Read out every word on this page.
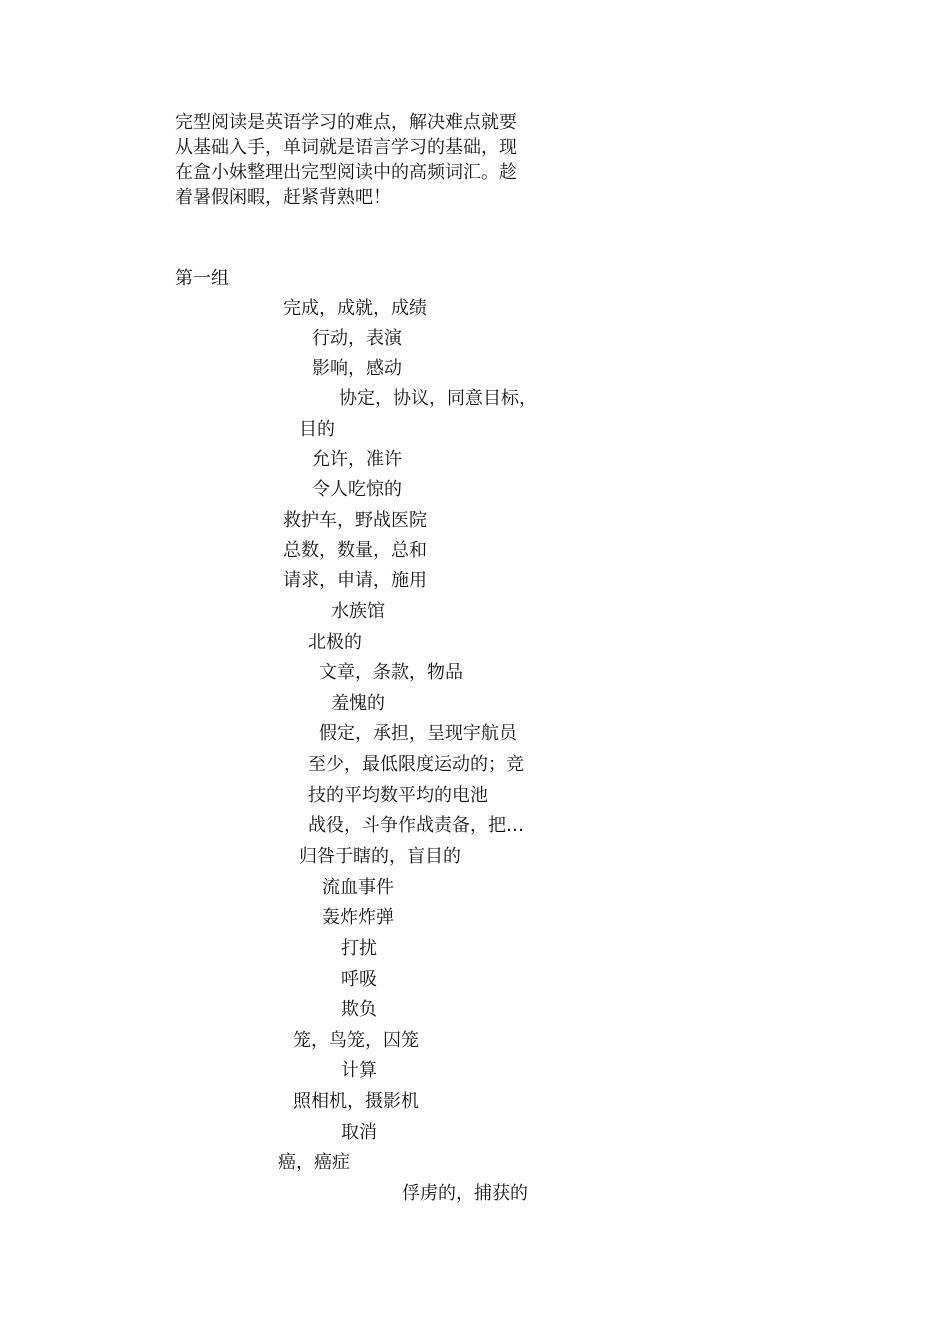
完型阅读是英语学习的难点，解决难点就要
从基础入手，单词就是语言学习的基础，现
在盒小妹整理出完型阅读中的高频词汇。趁
着暑假闲暇，赶紧背熟吧！
第一组
完成，成就，成绩
行动，表演
影响，感动
协定，协议，同意目标，
目的
允许，准许
令人吃惊的
救护车，野战医院
总数，数量，总和
请求，申请，施用
水族馆
北极的
文章，条款，物品
羞愧的
假定，承担，呈现宇航员
至少，最低限度运动的；竞
技的平均数平均的电池
战役，斗争作战责备，把…
归咎于瞎的，盲目的
流血事件
轰炸炸弹
打扰
呼吸
欺负
笼，鸟笼，囚笼
计算
照相机，摄影机
取消
癌，癌症
俘虏的，捕获的
